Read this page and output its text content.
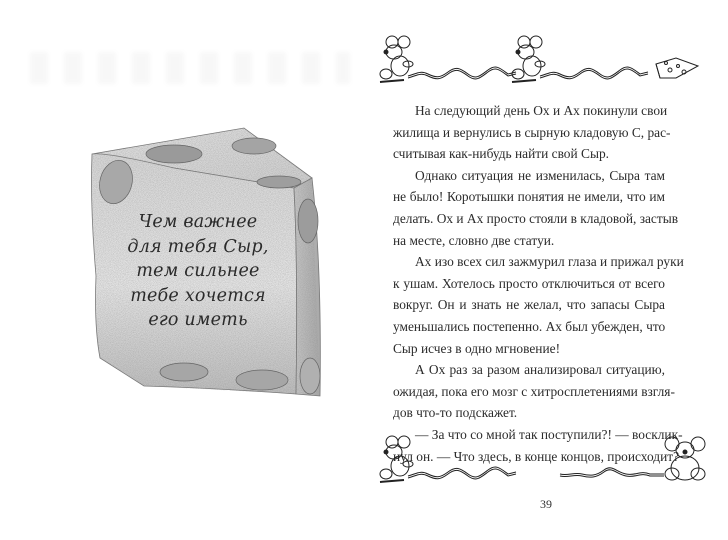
Чем важнее
для тебя Сыр,
тем сильнее
тебе хочется
его иметь

На следующий день Ох и Ах покинули свои
жилища и вернулись в сырную кладовую С, рас-
считывая как-нибудь найти свой Сыр.

Однако ситуация не изменилась, Сыра там
не было! Коротышки понятия не имели, что им
делать. Ох и Ах просто стояли в кладовой, застыв
на месте, словно две статуи.

Ах изо всех сил зажмурил глаза и прижал руки
к ушам. Хотелось просто отключиться от всего
вокруг. Он и знать не желал, что запасы Сыра
уменьшались постепенно. Ах был убежден, что
Сыр исчез в одно мгновение!

А Ох раз за разом анализировал ситуацию,
ожидая, пока его мозг с хитросплетениями взгля-
дов что-то подскажет.

— За что со мной так поступили?! — восклик-
нул он. — Что здесь, в конце концов, происходит?

39
